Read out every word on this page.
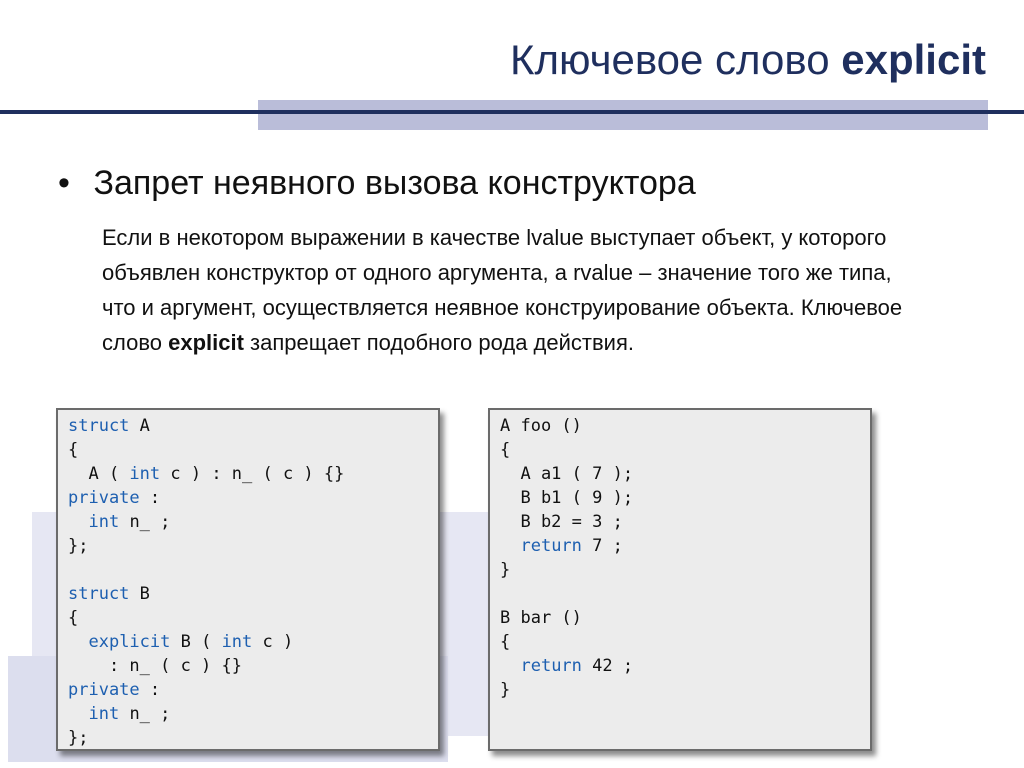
Ключевое слово explicit
• Запрет неявного вызова конструктора
Если в некотором выражении в качестве lvalue выступает объект, у которого объявлен конструктор от одного аргумента, а rvalue – значение того же типа, что и аргумент, осуществляется неявное конструирование объекта. Ключевое слово explicit запрещает подобного рода действия.
struct A
{
A ( int c ) : n_ ( c ) {}
private :
int n_ ;
};

struct B
{
explicit B ( int c )
: n_ ( c ) {}
private :
int n_ ;
};
A foo ()
{
A a1 ( 7 );
B b1 ( 9 );
B b2 = 3 ;
return 7 ;
}

B bar ()
{
return 42 ;
}
